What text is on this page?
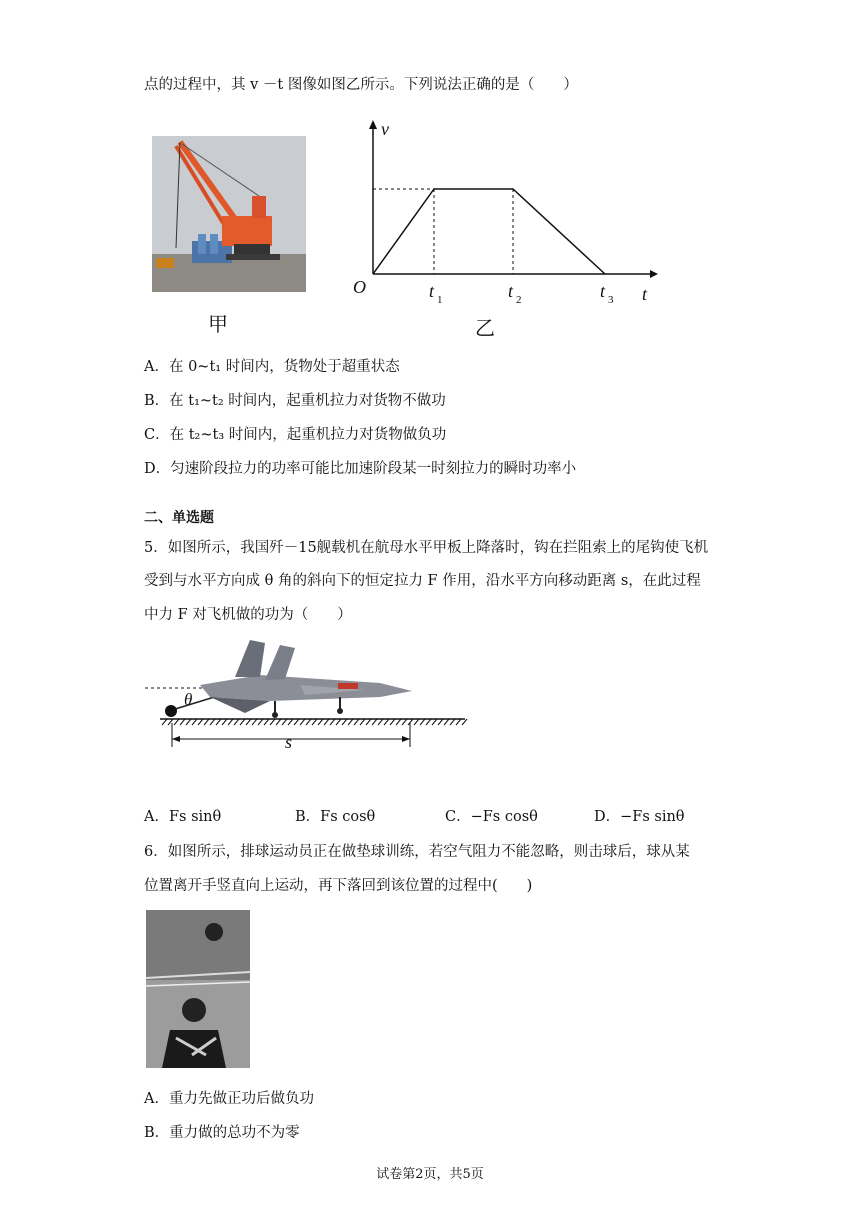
点的过程中，其 v －t 图像如图乙所示。下列说法正确的是（　　）
甲
v
O	t
t 1	t 2	t 3
乙
A．在 0~t₁ 时间内，货物处于超重状态
B．在 t₁~t₂ 时间内，起重机拉力对货物不做功
C．在 t₂~t₃ 时间内，起重机拉力对货物做负功
D．匀速阶段拉力的功率可能比加速阶段某一时刻拉力的瞬时功率小
二、单选题
5．如图所示，我国歼－15舰载机在航母水平甲板上降落时，钩在拦阻索上的尾钩使飞机
受到与水平方向成 θ 角的斜向下的恒定拉力 F 作用，沿水平方向移动距离 s，在此过程
中力 F 对飞机做的功为（　　）
θ
s
A．Fs sinθ	B．Fs cosθ	C．−Fs cosθ	D．−Fs sinθ
6．如图所示，排球运动员正在做垫球训练，若空气阻力不能忽略，则击球后，球从某
位置离开手竖直向上运动，再下落回到该位置的过程中(　　)
A．重力先做正功后做负功
B．重力做的总功不为零
试卷第2页，共5页
